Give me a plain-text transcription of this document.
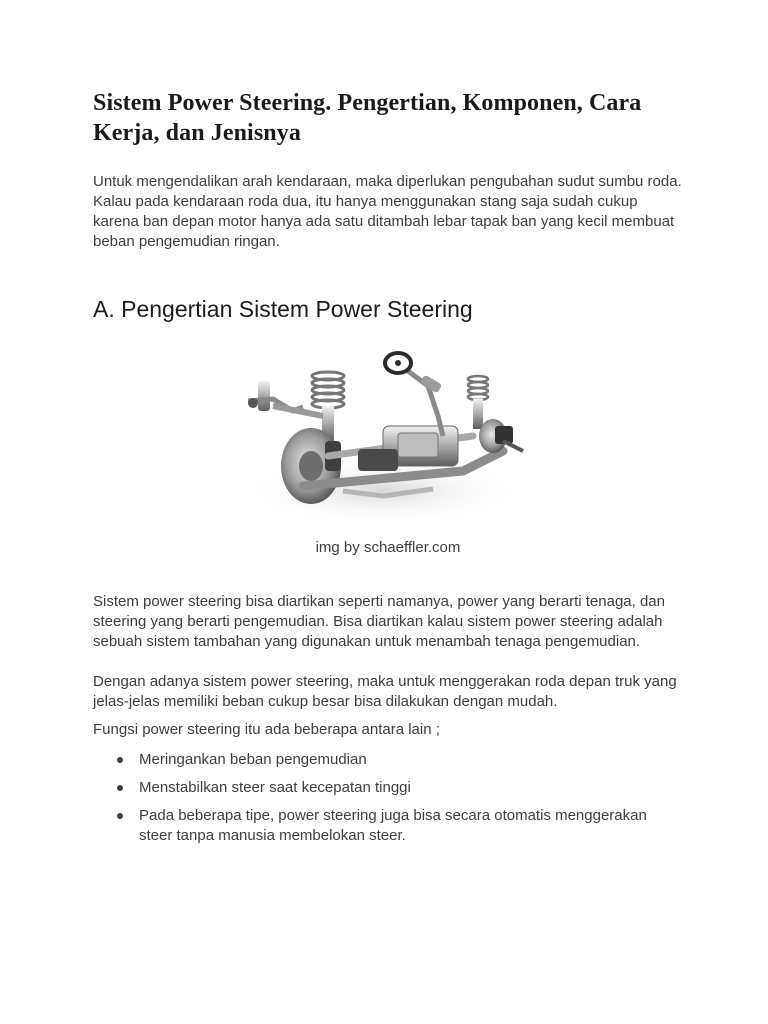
Sistem Power Steering. Pengertian, Komponen, Cara Kerja, dan Jenisnya

Untuk mengendalikan arah kendaraan, maka diperlukan pengubahan sudut sumbu roda. Kalau pada kendaraan roda dua, itu hanya menggunakan stang saja sudah cukup karena ban depan motor hanya ada satu ditambah lebar tapak ban yang kecil membuat beban pengemudian ringan.

A. Pengertian Sistem Power Steering

img by schaeffler.com

Sistem power steering bisa diartikan seperti namanya, power yang berarti tenaga, dan steering yang berarti pengemudian. Bisa diartikan kalau sistem power steering adalah sebuah sistem tambahan yang digunakan untuk menambah tenaga pengemudian.

Dengan adanya sistem power steering, maka untuk menggerakan roda depan truk yang jelas-jelas memiliki beban cukup besar bisa dilakukan dengan mudah.

Fungsi power steering itu ada beberapa antara lain ;

Meringankan beban pengemudian
Menstabilkan steer saat kecepatan tinggi
Pada beberapa tipe, power steering juga bisa secara otomatis menggerakan steer tanpa manusia membelokan steer.
